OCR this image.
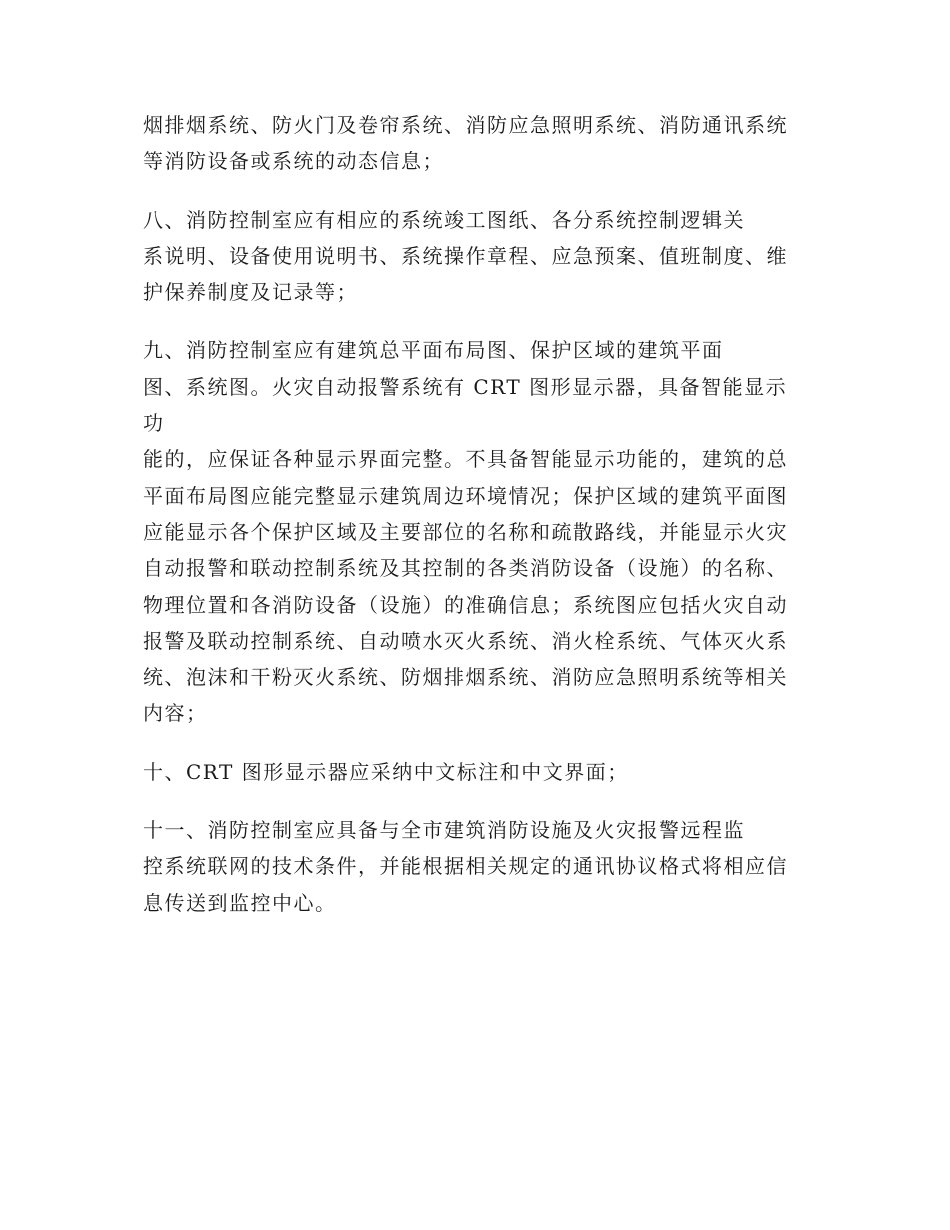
烟排烟系统、防火门及卷帘系统、消防应急照明系统、消防通讯系统
等消防设备或系统的动态信息；

八、消防控制室应有相应的系统竣工图纸、各分系统控制逻辑关
系说明、设备使用说明书、系统操作章程、应急预案、值班制度、维
护保养制度及记录等；

九、消防控制室应有建筑总平面布局图、保护区域的建筑平面
图、系统图。火灾自动报警系统有 CRT 图形显示器，具备智能显示功
能的，应保证各种显示界面完整。不具备智能显示功能的，建筑的总
平面布局图应能完整显示建筑周边环境情况；保护区域的建筑平面图
应能显示各个保护区域及主要部位的名称和疏散路线，并能显示火灾
自动报警和联动控制系统及其控制的各类消防设备（设施）的名称、
物理位置和各消防设备（设施）的准确信息；系统图应包括火灾自动
报警及联动控制系统、自动喷水灭火系统、消火栓系统、气体灭火系
统、泡沫和干粉灭火系统、防烟排烟系统、消防应急照明系统等相关
内容；

十、CRT 图形显示器应采纳中文标注和中文界面；

十一、消防控制室应具备与全市建筑消防设施及火灾报警远程监
控系统联网的技术条件，并能根据相关规定的通讯协议格式将相应信
息传送到监控中心。
